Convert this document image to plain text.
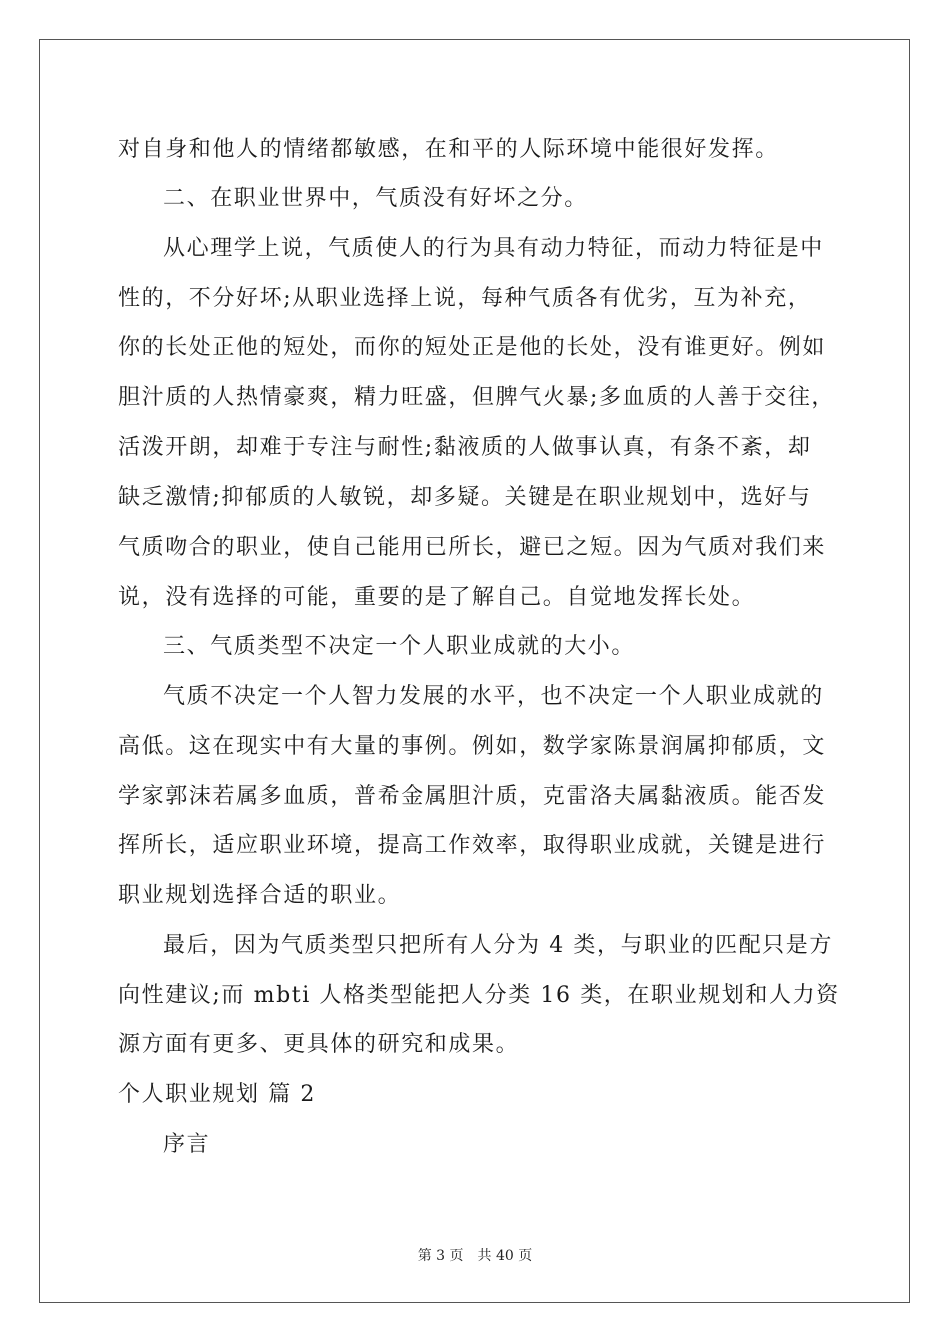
对自身和他人的情绪都敏感，在和平的人际环境中能很好发挥。
二、在职业世界中，气质没有好坏之分。
从心理学上说，气质使人的行为具有动力特征，而动力特征是中
性的，不分好坏;从职业选择上说，每种气质各有优劣，互为补充，
你的长处正他的短处，而你的短处正是他的长处，没有谁更好。例如
胆汁质的人热情豪爽，精力旺盛，但脾气火暴;多血质的人善于交往，
活泼开朗，却难于专注与耐性;黏液质的人做事认真，有条不紊，却
缺乏激情;抑郁质的人敏锐，却多疑。关键是在职业规划中，选好与
气质吻合的职业，使自己能用已所长，避已之短。因为气质对我们来
说，没有选择的可能，重要的是了解自己。自觉地发挥长处。
三、气质类型不决定一个人职业成就的大小。
气质不决定一个人智力发展的水平，也不决定一个人职业成就的
高低。这在现实中有大量的事例。例如，数学家陈景润属抑郁质，文
学家郭沫若属多血质，普希金属胆汁质，克雷洛夫属黏液质。能否发
挥所长，适应职业环境，提高工作效率，取得职业成就，关键是进行
职业规划选择合适的职业。
最后，因为气质类型只把所有人分为 4 类，与职业的匹配只是方
向性建议;而 mbti 人格类型能把人分类 16 类，在职业规划和人力资
源方面有更多、更具体的研究和成果。
个人职业规划 篇 2
序言
第 3 页 共 40 页
